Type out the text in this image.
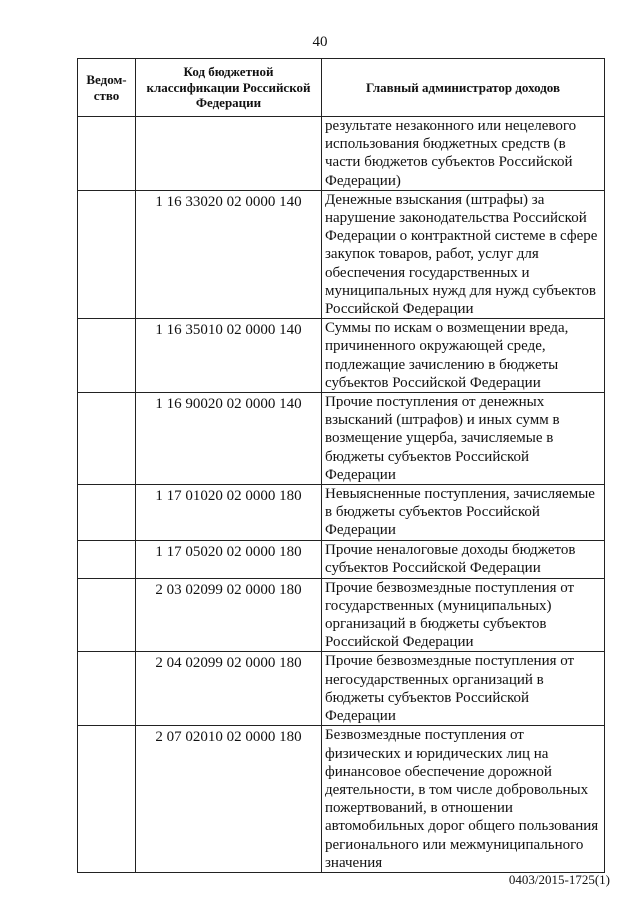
40
Ведом-ство	Код бюджетной классификации Российской Федерации	Главный администратор доходов
		результате незаконного или нецелевого использования бюджетных средств (в части бюджетов субъектов Российской Федерации)
	1 16 33020 02 0000 140	Денежные взыскания (штрафы) за нарушение законодательства Российской Федерации о контрактной системе в сфере закупок товаров, работ, услуг для обеспечения государственных и муниципальных нужд для нужд субъектов Российской Федерации
	1 16 35010 02 0000 140	Суммы по искам о возмещении вреда, причиненного окружающей среде, подлежащие зачислению в бюджеты субъектов Российской Федерации
	1 16 90020 02 0000 140	Прочие поступления от денежных взысканий (штрафов) и иных сумм в возмещение ущерба, зачисляемые в бюджеты субъектов Российской Федерации
	1 17 01020 02 0000 180	Невыясненные поступления, зачисляемые в бюджеты субъектов Российской Федерации
	1 17 05020 02 0000 180	Прочие неналоговые доходы бюджетов субъектов Российской Федерации
	2 03 02099 02 0000 180	Прочие безвозмездные поступления от государственных (муниципальных) организаций в бюджеты субъектов Российской Федерации
	2 04 02099 02 0000 180	Прочие безвозмездные поступления от негосударственных организаций в бюджеты субъектов Российской Федерации
	2 07 02010 02 0000 180	Безвозмездные поступления от физических и юридических лиц на финансовое обеспечение дорожной деятельности, в том числе добровольных пожертвований, в отношении автомобильных дорог общего пользования регионального или межмуниципального значения
0403/2015-1725(1)
